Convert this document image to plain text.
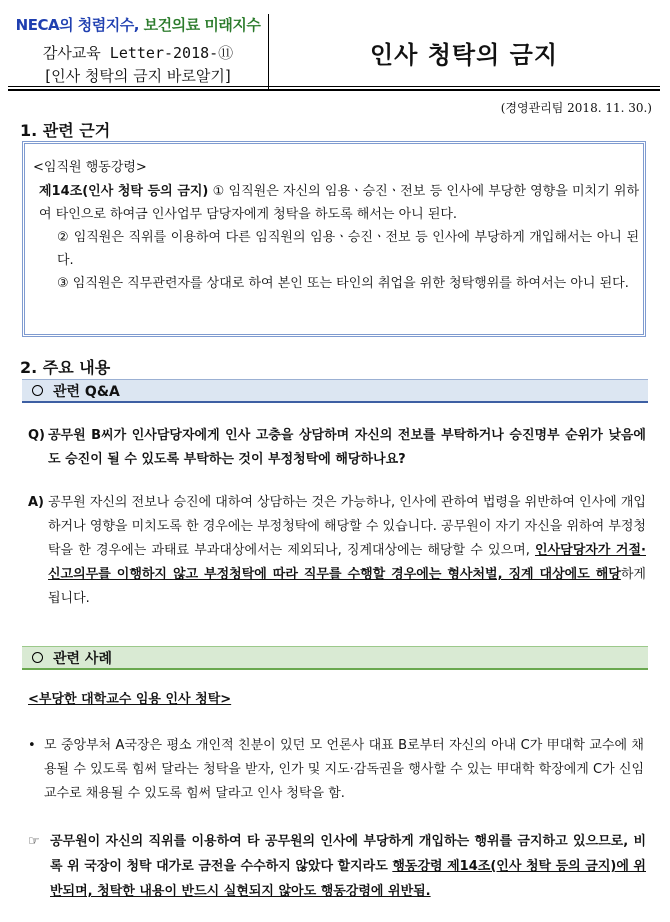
NECA의 청렴지수, 보건의료 미래지수
감사교육 Letter-2018-⑪
[인사 청탁의 금지 바로알기]
인사 청탁의 금지
(경영관리팀 2018. 11. 30.)
1. 관련 근거
<임직원 행동강령>
제14조(인사 청탁 등의 금지) ① 임직원은 자신의 임용ㆍ승진ㆍ전보 등 인사에 부당한 영향을 미치기 위하여 타인으로 하여금 인사업무 담당자에게 청탁을 하도록 해서는 아니 된다.
② 임직원은 직위를 이용하여 다른 임직원의 임용ㆍ승진ㆍ전보 등 인사에 부당하게 개입해서는 아니 된다.
③ 임직원은 직무관련자를 상대로 하여 본인 또는 타인의 취업을 위한 청탁행위를 하여서는 아니 된다.
2. 주요 내용
관련 Q&A
Q) 공무원 B씨가 인사담당자에게 인사 고충을 상담하며 자신의 전보를 부탁하거나 승진명부 순위가 낮음에도 승진이 될 수 있도록 부탁하는 것이 부정청탁에 해당하나요?
A) 공무원 자신의 전보나 승진에 대하여 상담하는 것은 가능하나, 인사에 관하여 법령을 위반하여 인사에 개입하거나 영향을 미치도록 한 경우에는 부정청탁에 해당할 수 있습니다. 공무원이 자기 자신을 위하여 부정청탁을 한 경우에는 과태료 부과대상에서는 제외되나, 징계대상에는 해당할 수 있으며, 인사담당자가 거절·신고의무를 이행하지 않고 부정청탁에 따라 직무를 수행할 경우에는 형사처벌, 징계 대상에도 해당하게 됩니다.
관련 사례
<부당한 대학교수 임용 인사 청탁>
• 모 중앙부처 A국장은 평소 개인적 친분이 있던 모 언론사 대표 B로부터 자신의 아내 C가 甲대학 교수에 채용될 수 있도록 힘써 달라는 청탁을 받자, 인가 및 지도·감독권을 행사할 수 있는 甲대학 학장에게 C가 신임교수로 채용될 수 있도록 힘써 달라고 인사 청탁을 함.
☞ 공무원이 자신의 직위를 이용하여 타 공무원의 인사에 부당하게 개입하는 행위를 금지하고 있으므로, 비록 위 국장이 청탁 대가로 금전을 수수하지 않았다 할지라도 행동강령 제14조(인사 청탁 등의 금지)에 위반되며, 청탁한 내용이 반드시 실현되지 않아도 행동강령에 위반됨.
